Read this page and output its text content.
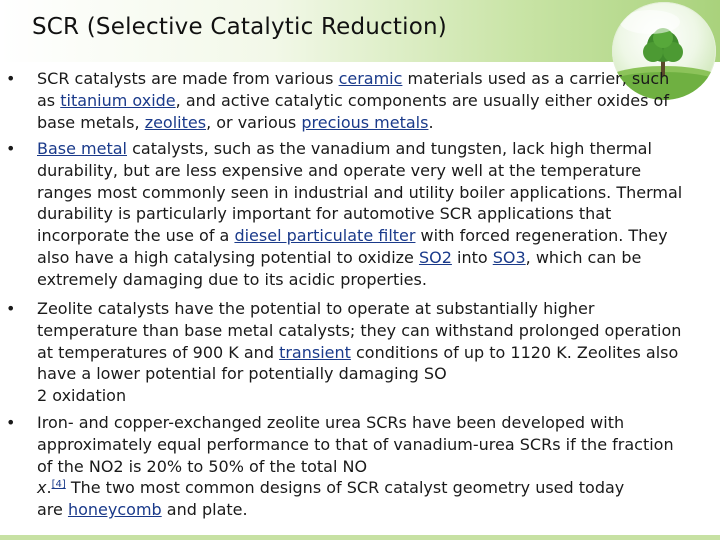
SCR (Selective Catalytic Reduction)
• SCR catalysts are made from various ceramic materials used as a carrier, such
as titanium oxide, and active catalytic components are usually either oxides of
base metals, zeolites, or various precious metals.
• Base metal catalysts, such as the vanadium and tungsten, lack high thermal
durability, but are less expensive and operate very well at the temperature
ranges most commonly seen in industrial and utility boiler applications. Thermal
durability is particularly important for automotive SCR applications that
incorporate the use of a diesel particulate filter with forced regeneration. They
also have a high catalysing potential to oxidize SO2 into SO3, which can be
extremely damaging due to its acidic properties.
• Zeolite catalysts have the potential to operate at substantially higher
temperature than base metal catalysts; they can withstand prolonged operation
at temperatures of 900 K and transient conditions of up to 1120 K. Zeolites also
have a lower potential for potentially damaging SO
2 oxidation
• Iron- and copper-exchanged zeolite urea SCRs have been developed with
approximately equal performance to that of vanadium-urea SCRs if the fraction
of the NO2 is 20% to 50% of the total NO
x.[4] The two most common designs of SCR catalyst geometry used today
are honeycomb and plate.
